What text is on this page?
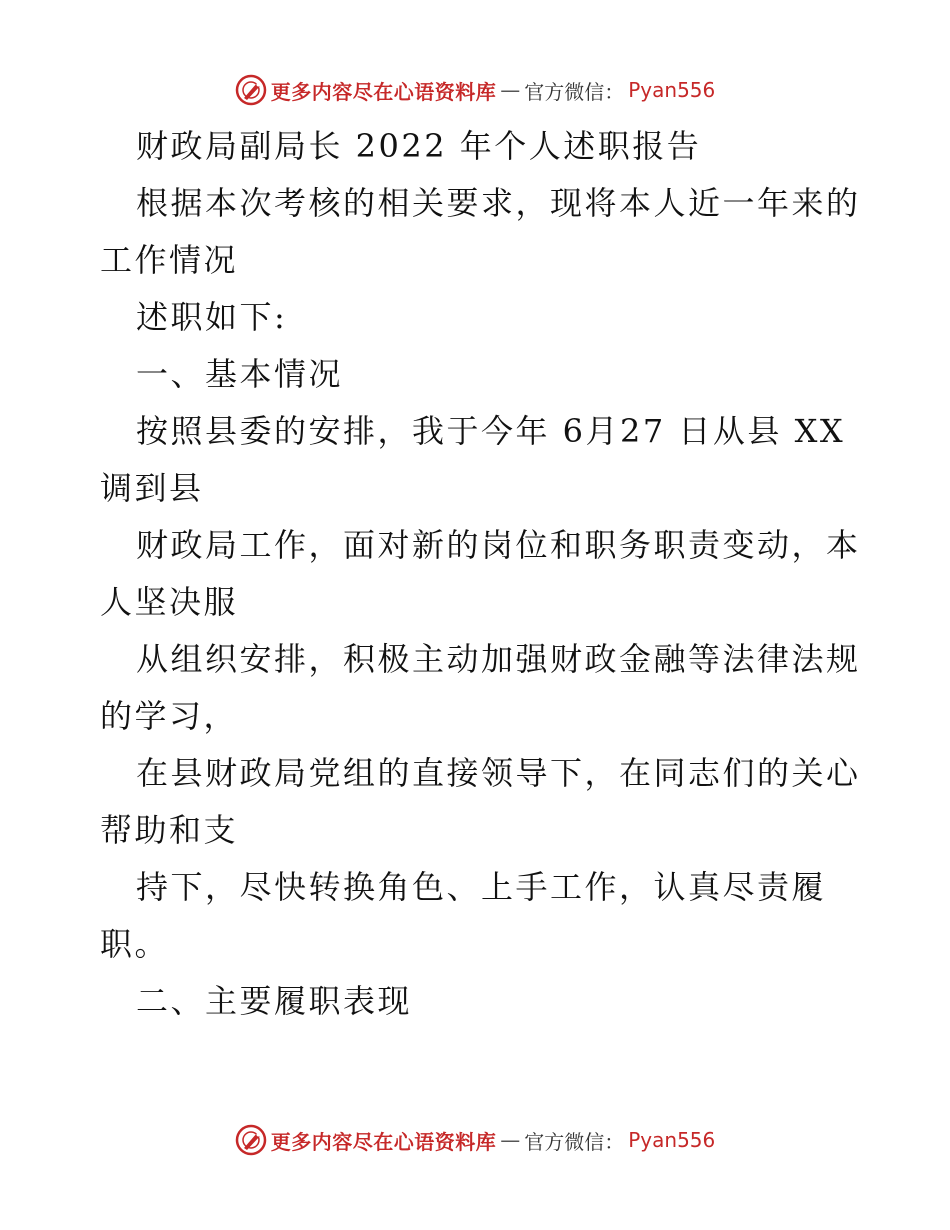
更多内容尽在心语资料库 — 官方微信： Pyan556
财政局副局长 2022 年个人述职报告
根据本次考核的相关要求，现将本人近一年来的
工作情况
述职如下:
一、基本情况
按照县委的安排，我于今年 6月27 日从县 XX
调到县
财政局工作，面对新的岗位和职务职责变动，本
人坚决服
从组织安排，积极主动加强财政金融等法律法规
的学习，
在县财政局党组的直接领导下，在同志们的关心
帮助和支
持下，尽快转换角色、上手工作，认真尽责履
职。
二、主要履职表现
更多内容尽在心语资料库 — 官方微信： Pyan556
